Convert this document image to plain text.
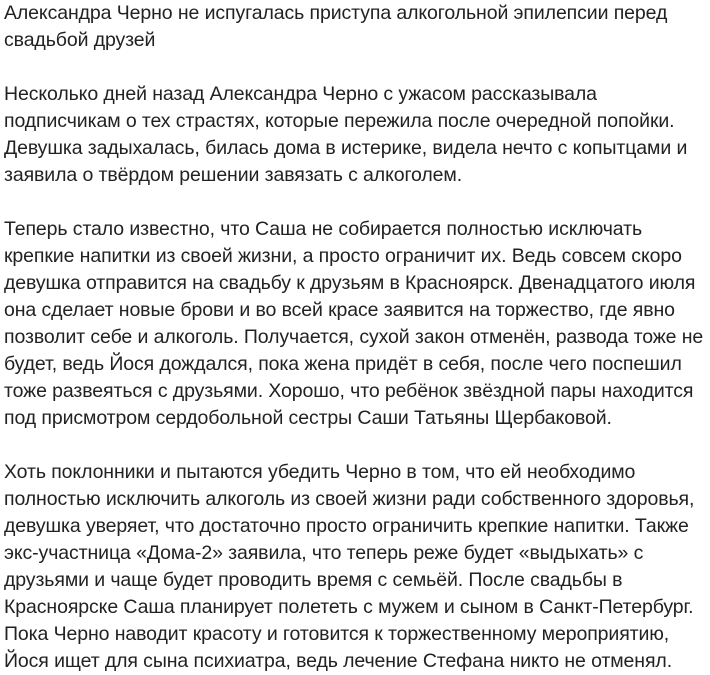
Александра Черно не испугалась приступа алкогольной эпилепсии перед свадьбой друзей

Несколько дней назад Александра Черно с ужасом рассказывала подписчикам о тех страстях, которые пережила после очередной попойки. Девушка задыхалась, билась дома в истерике, видела нечто с копытцами и заявила о твёрдом решении завязать с алкоголем.

Теперь стало известно, что Саша не собирается полностью исключать крепкие напитки из своей жизни, а просто ограничит их. Ведь совсем скоро девушка отправится на свадьбу к друзьям в Красноярск. Двенадцатого июля она сделает новые брови и во всей красе заявится на торжество, где явно позволит себе и алкоголь. Получается, сухой закон отменён, развода тоже не будет, ведь Йося дождался, пока жена придёт в себя, после чего поспешил тоже развеяться с друзьями. Хорошо, что ребёнок звёздной пары находится под присмотром сердобольной сестры Саши Татьяны Щербаковой.

Хоть поклонники и пытаются убедить Черно в том, что ей необходимо полностью исключить алкоголь из своей жизни ради собственного здоровья, девушка уверяет, что достаточно просто ограничить крепкие напитки. Также экс-участница «Дома-2» заявила, что теперь реже будет «выдыхать» с друзьями и чаще будет проводить время с семьёй. После свадьбы в Красноярске Саша планирует полететь с мужем и сыном в Санкт-Петербург. Пока Черно наводит красоту и готовится к торжественному мероприятию, Йося ищет для сына психиатра, ведь лечение Стефана никто не отменял.
